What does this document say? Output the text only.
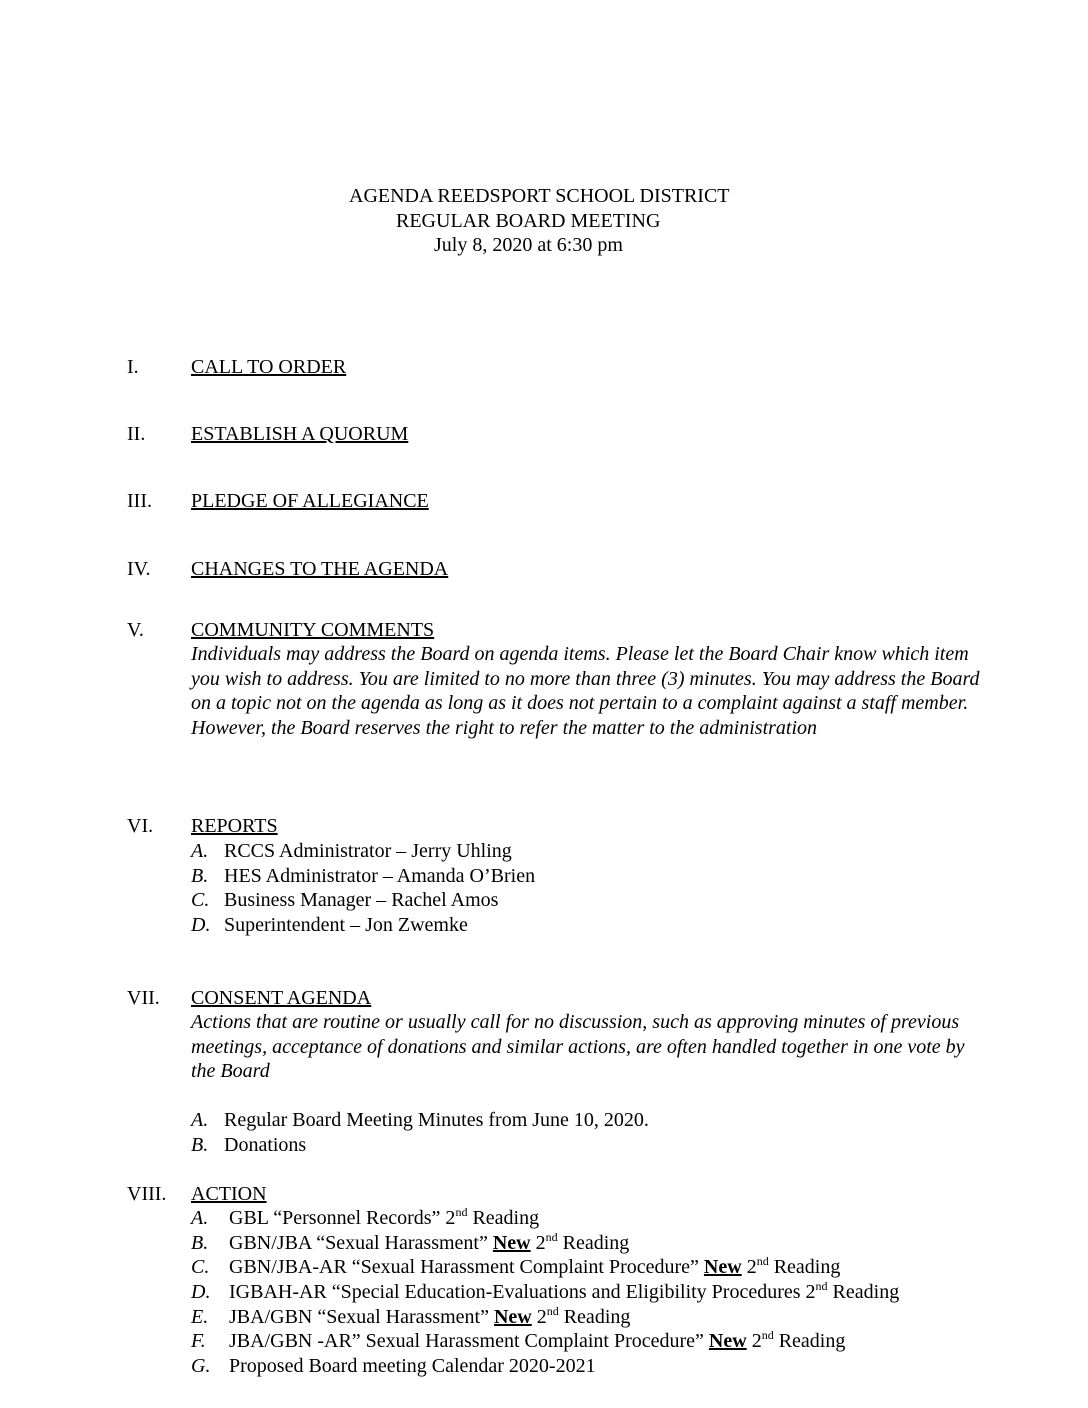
AGENDA REEDSPORT SCHOOL DISTRICT
REGULAR BOARD MEETING
July 8, 2020 at 6:30 pm
I.	CALL TO ORDER
II. ESTABLISH A QUORUM
III. PLEDGE OF ALLEGIANCE
IV. CHANGES TO THE AGENDA
V. COMMUNITY COMMENTS
Individuals may address the Board on agenda items. Please let the Board Chair know which item you wish to address. You are limited to no more than three (3) minutes. You may address the Board on a topic not on the agenda as long as it does not pertain to a complaint against a staff member. However, the Board reserves the right to refer the matter to the administration
VI. REPORTS
A. RCCS Administrator – Jerry Uhling
B. HES Administrator – Amanda O’Brien
C. Business Manager – Rachel Amos
D. Superintendent – Jon Zwemke
VII. CONSENT AGENDA
Actions that are routine or usually call for no discussion, such as approving minutes of previous meetings, acceptance of donations and similar actions, are often handled together in one vote by the Board
A. Regular Board Meeting Minutes from June 10, 2020.
B. Donations
VIII. ACTION
A. GBL “Personnel Records” 2nd Reading
B. GBN/JBA “Sexual Harassment” New 2nd Reading
C. GBN/JBA-AR “Sexual Harassment Complaint Procedure” New 2nd Reading
D. IGBAH-AR “Special Education-Evaluations and Eligibility Procedures 2nd Reading
E. JBA/GBN “Sexual Harassment” New 2nd Reading
F. JBA/GBN -AR” Sexual Harassment Complaint Procedure” New 2nd Reading
G. Proposed Board meeting Calendar 2020-2021
